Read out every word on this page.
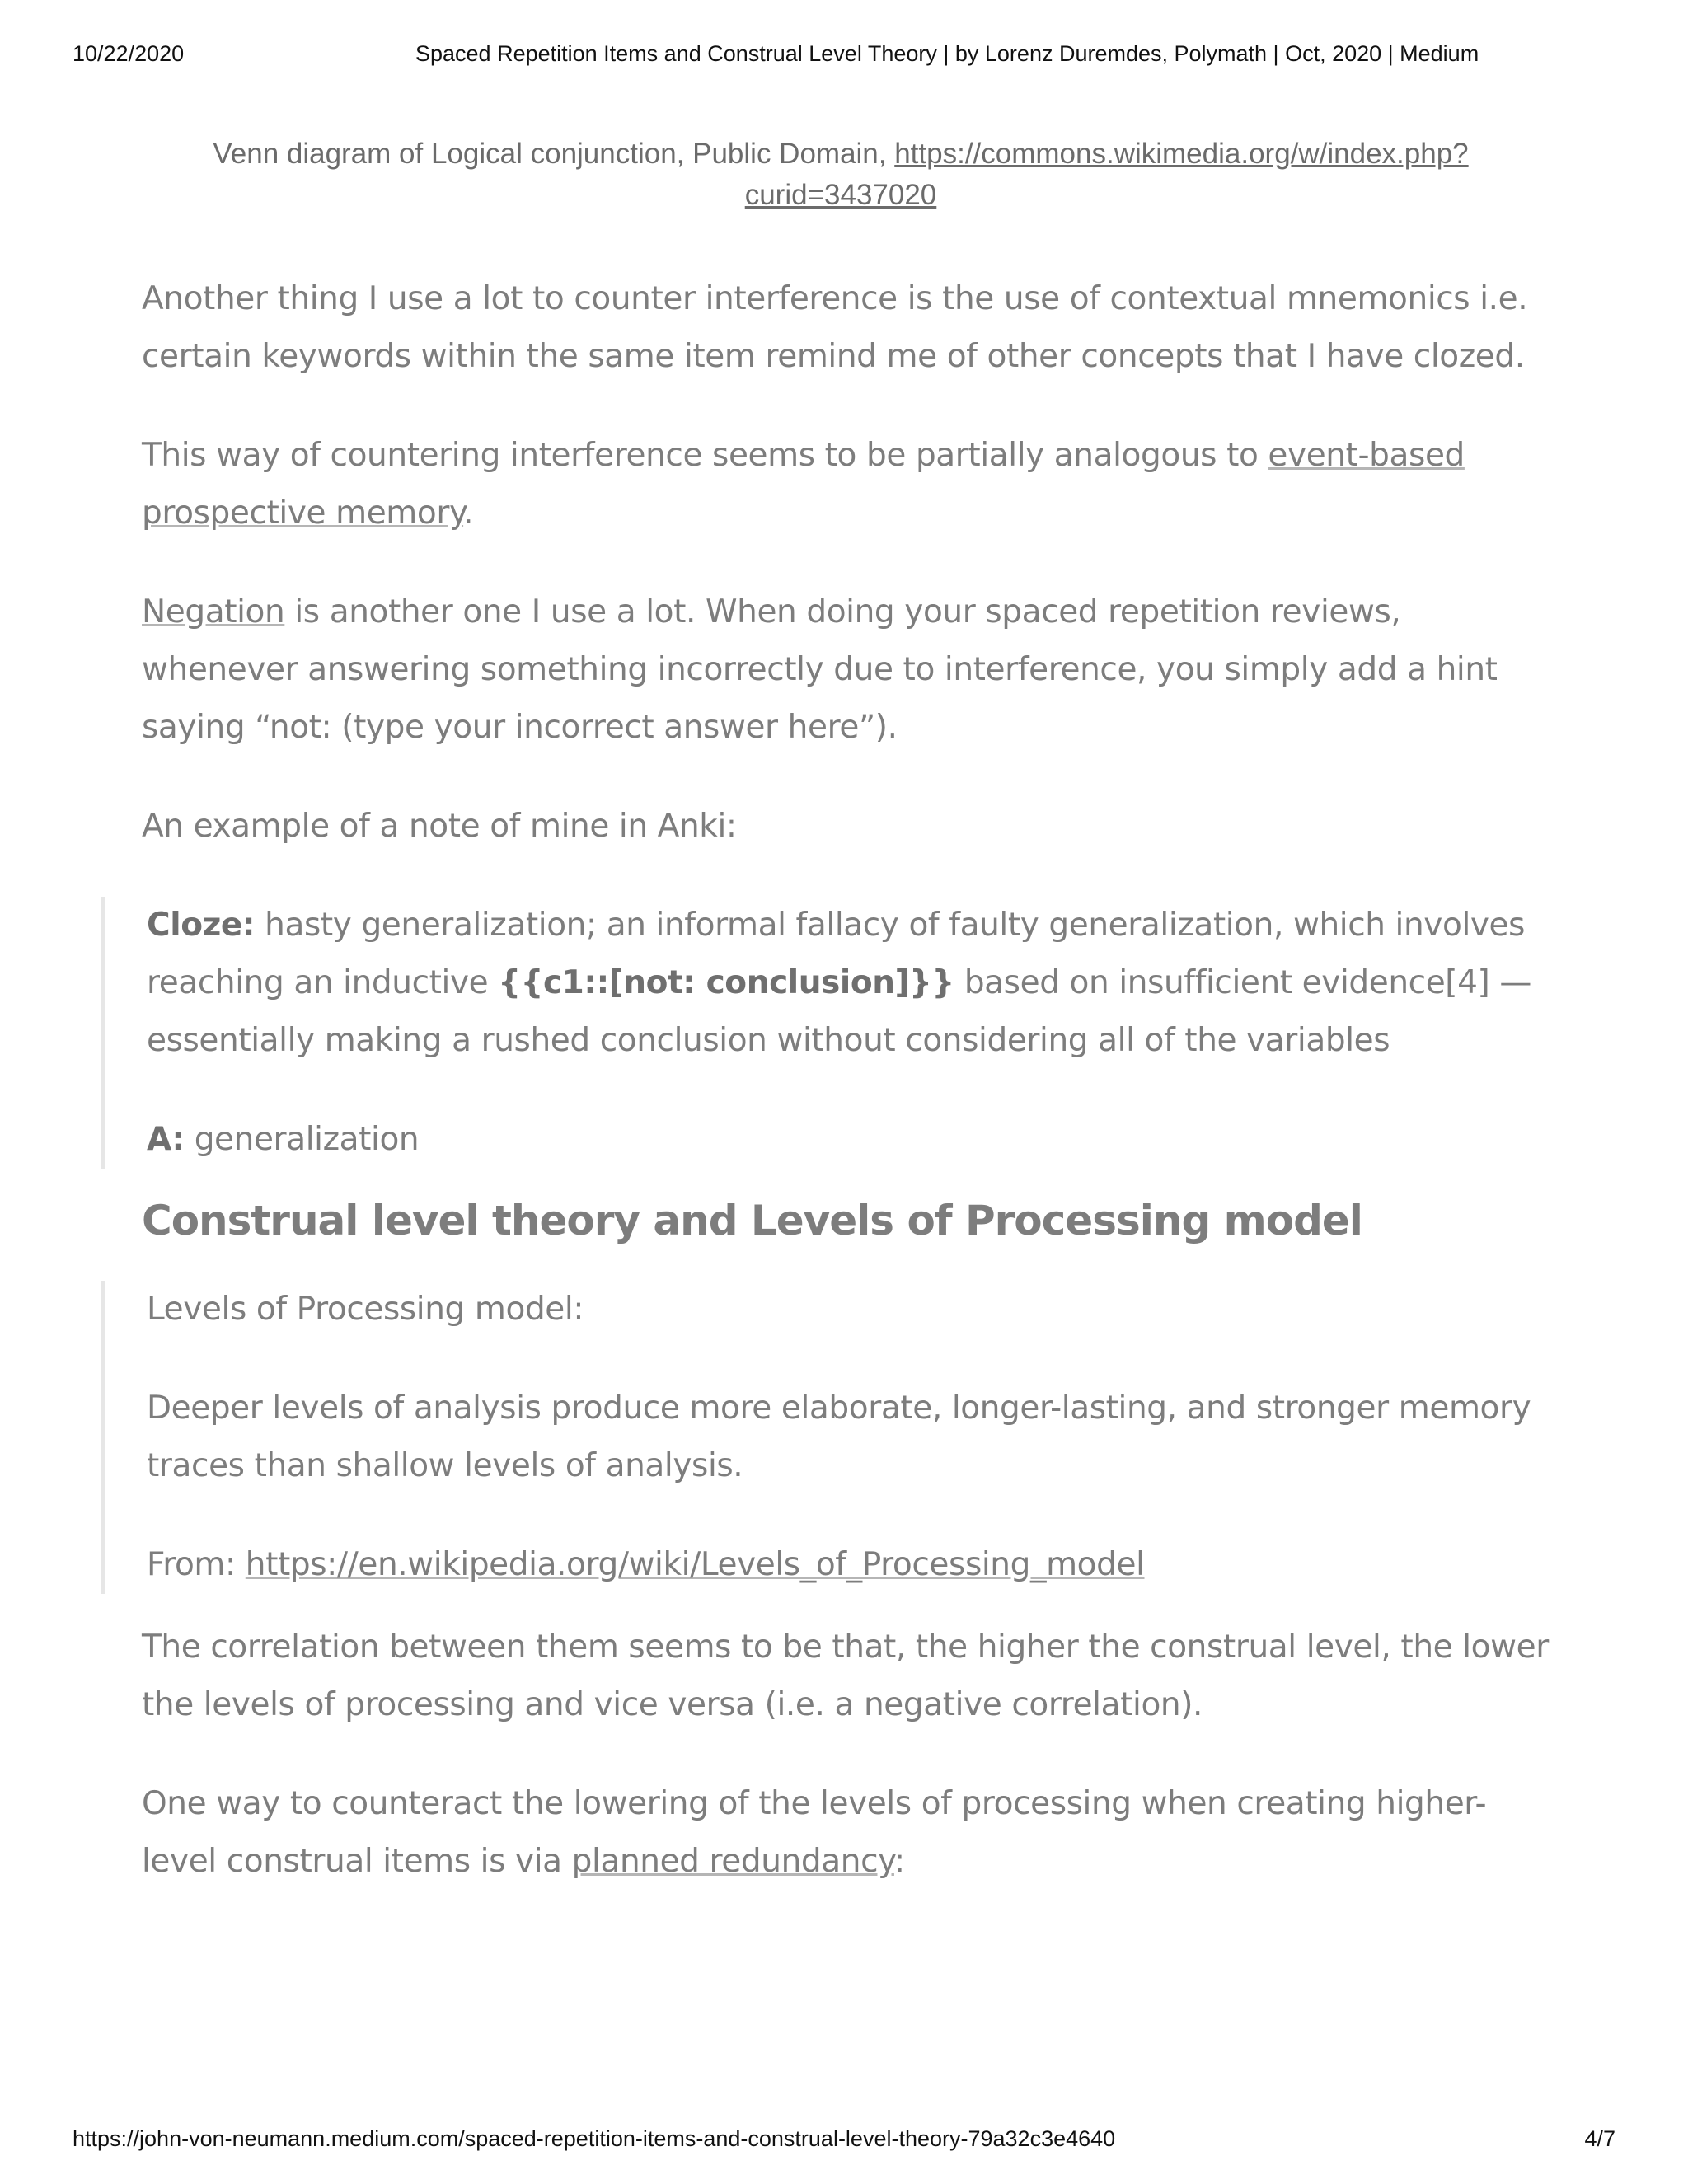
10/22/2020	Spaced Repetition Items and Construal Level Theory | by Lorenz Duremdes, Polymath | Oct, 2020 | Medium
Venn diagram of Logical conjunction, Public Domain, https://commons.wikimedia.org/w/index.php?curid=3437020

Another thing I use a lot to counter interference is the use of contextual mnemonics i.e. certain keywords within the same item remind me of other concepts that I have clozed.

This way of countering interference seems to be partially analogous to event-based prospective memory.

Negation is another one I use a lot. When doing your spaced repetition reviews, whenever answering something incorrectly due to interference, you simply add a hint saying “not: (type your incorrect answer here”).

An example of a note of mine in Anki:

Cloze: hasty generalization; an informal fallacy of faulty generalization, which involves reaching an inductive {{c1::[not: conclusion]}} based on insufficient evidence[4] — essentially making a rushed conclusion without considering all of the variables

A: generalization

Construal level theory and Levels of Processing model

Levels of Processing model:

Deeper levels of analysis produce more elaborate, longer-lasting, and stronger memory traces than shallow levels of analysis.

From: https://en.wikipedia.org/wiki/Levels_of_Processing_model

The correlation between them seems to be that, the higher the construal level, the lower the levels of processing and vice versa (i.e. a negative correlation).

One way to counteract the lowering of the levels of processing when creating higher-level construal items is via planned redundancy:

https://john-von-neumann.medium.com/spaced-repetition-items-and-construal-level-theory-79a32c3e4640	4/7
